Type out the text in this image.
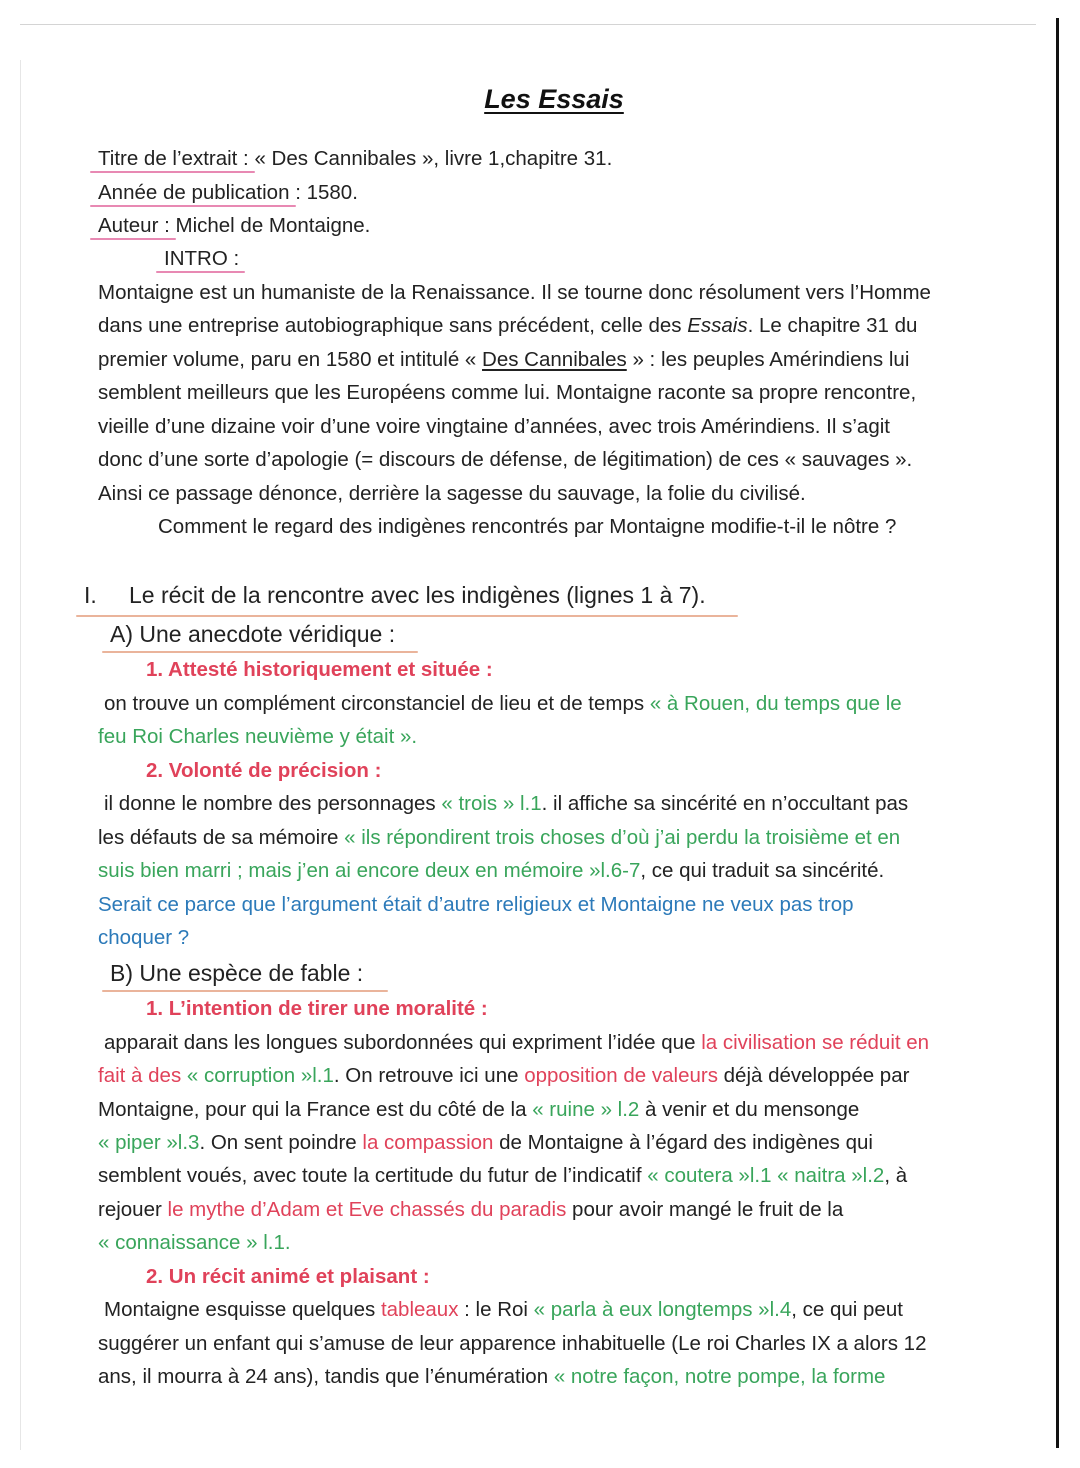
Les Essais
Titre de l’extrait : « Des Cannibales », livre 1,chapitre 31.
Année de publication : 1580.
Auteur : Michel de Montaigne.
INTRO :
Montaigne est un humaniste de la Renaissance. Il se tourne donc résolument vers l’Homme
dans une entreprise autobiographique sans précédent, celle des Essais. Le chapitre 31 du
premier volume, paru en 1580 et intitulé « Des Cannibales » : les peuples Amérindiens lui
semblent meilleurs que les Européens comme lui. Montaigne raconte sa propre rencontre,
vieille d’une dizaine voir d’une voire vingtaine d’années, avec trois Amérindiens. Il s’agit
donc d’une sorte d’apologie (= discours de défense, de légitimation) de ces « sauvages ».
Ainsi ce passage dénonce, derrière la sagesse du sauvage, la folie du civilisé.
Comment le regard des indigènes rencontrés par Montaigne modifie-t-il le nôtre ?
I. Le récit de la rencontre avec les indigènes (lignes 1 à 7).
A) Une anecdote véridique :
1. Attesté historiquement et située :
on trouve un complément circonstanciel de lieu et de temps « à Rouen, du temps que le
feu Roi Charles neuvième y était ».
2. Volonté de précision :
il donne le nombre des personnages « trois » l.1. il affiche sa sincérité en n’occultant pas
les défauts de sa mémoire « ils répondirent trois choses d’où j’ai perdu la troisième et en
suis bien marri ; mais j’en ai encore deux en mémoire »l.6-7, ce qui traduit sa sincérité.
Serait ce parce que l’argument était d’autre religieux et Montaigne ne veux pas trop
choquer ?
B) Une espèce de fable :
1. L’intention de tirer une moralité :
apparait dans les longues subordonnées qui expriment l’idée que la civilisation se réduit en
fait à des « corruption »l.1. On retrouve ici une opposition de valeurs déjà développée par
Montaigne, pour qui la France est du côté de la « ruine » l.2 à venir et du mensonge
« piper »l.3. On sent poindre la compassion de Montaigne à l’égard des indigènes qui
semblent voués, avec toute la certitude du futur de l’indicatif « coutera »l.1 « naitra »l.2, à
rejouer le mythe d’Adam et Eve chassés du paradis pour avoir mangé le fruit de la
« connaissance » l.1.
2. Un récit animé et plaisant :
Montaigne esquisse quelques tableaux : le Roi « parla à eux longtemps »l.4, ce qui peut
suggérer un enfant qui s’amuse de leur apparence inhabituelle (Le roi Charles IX a alors 12
ans, il mourra à 24 ans), tandis que l’énumération « notre façon, notre pompe, la forme
